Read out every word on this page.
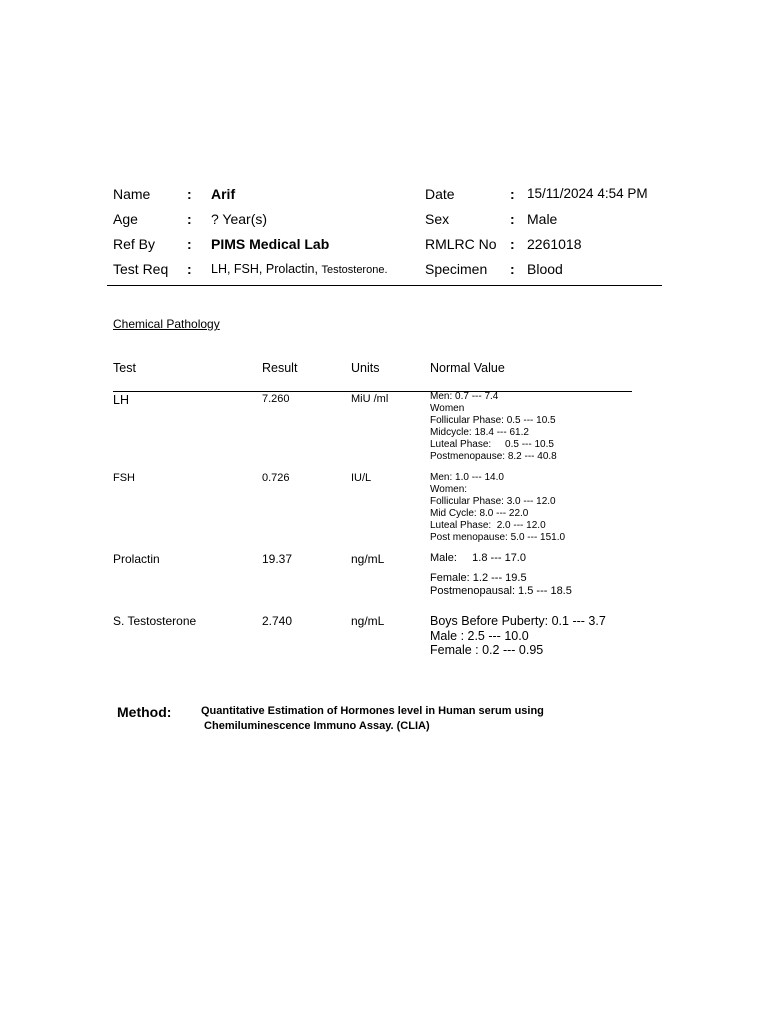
Name	: Arif
Age	: ? Year(s)
Ref By : PIMS Medical Lab
Test Req : LH, FSH, Prolactin, Testosterone.
Date	: 15/11/2024 4:54 PM
Sex	: Male
RMLRC No : 2261018
Specimen : Blood
Chemical Pathology
Test	Result	Units	Normal Value
LH	7.260	MiU /ml	Men: 0.7 --- 7.4
Women
Follicular Phase: 0.5 --- 10.5
Midcycle: 18.4 --- 61.2
Luteal Phase:     0.5 --- 10.5
Postmenopause: 8.2 --- 40.8
FSH	0.726	IU/L	Men: 1.0 --- 14.0
Women:
Follicular Phase: 3.0 --- 12.0
Mid Cycle: 8.0 --- 22.0
Luteal Phase:  2.0 --- 12.0
Post menopause: 5.0 --- 151.0
Prolactin	19.37	ng/mL	Male:     1.8 --- 17.0
Female: 1.2 --- 19.5
Postmenopausal: 1.5 --- 18.5
S. Testosterone	2.740	ng/mL	Boys Before Puberty: 0.1 --- 3.7
Male : 2.5 --- 10.0
Female : 0.2 --- 0.95
Method:	Quantitative Estimation of Hormones level in Human serum using
Chemiluminescence Immuno Assay. (CLIA)
